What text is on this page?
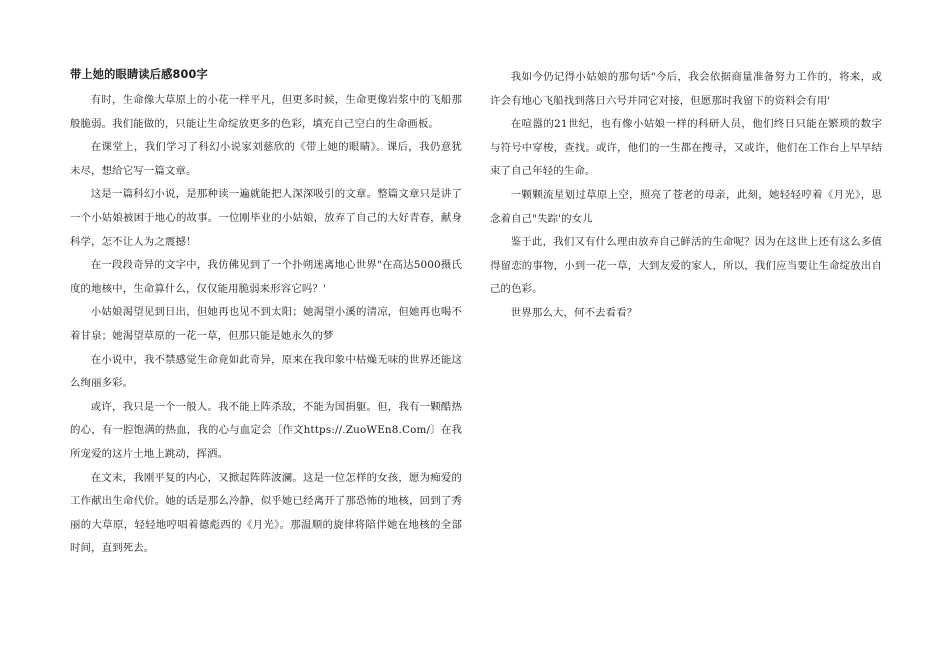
带上她的眼睛读后感800字

有时，生命像大草原上的小花一样平凡，但更多时候，生命更像岩浆中的飞船那般脆弱。我们能做的，只能让生命绽放更多的色彩，填充自己空白的生命画板。

在课堂上，我们学习了科幻小说家刘慈欣的《带上她的眼睛》。课后，我仍意犹未尽，想给它写一篇文章。

这是一篇科幻小说，是那种读一遍就能把人深深吸引的文章。整篇文章只是讲了一个小姑娘被困于地心的故事。一位刚毕业的小姑娘，放弃了自己的大好青春，献身科学，怎不让人为之震撼！

在一段段奇异的文字中，我仿佛见到了一个扑朔迷离地心世界"在高达5000摄氏度的地核中，生命算什么，仅仅能用脆弱来形容它吗？'

小姑娘渴望见到日出，但她再也见不到太阳；她渴望小溪的清凉，但她再也喝不着甘泉；她渴望草原的一花一草，但那只能是她永久的梦

在小说中，我不禁感觉生命竟如此奇异，原来在我印象中枯燥无味的世界还能这么绚丽多彩。

或许，我只是一个一般人。我不能上阵杀敌，不能为国捐躯。但，我有一颗酷热的心，有一腔饱满的热血，我的心与血定会〔作文https://.ZuoWEn8.Com/〕在我所宠爱的这片土地上跳动，挥洒。

在文末，我刚平复的内心，又掀起阵阵波澜。这是一位怎样的女孩，愿为痴爱的工作献出生命代价。她的话是那么冷静，似乎她已经离开了那恐怖的地核，回到了秀丽的大草原，轻轻地哼唱着德彪西的《月光》。那温顺的旋律将陪伴她在地核的全部时间，直到死去。

我如今仍记得小姑娘的那句话"今后，我会依据商量准备努力工作的，将来，或许会有地心飞船找到落日六号并同它对接，但愿那时我留下的资料会有用'

在喧嚣的21世纪，也有像小姑娘一样的科研人员，他们终日只能在繁琐的数字与符号中穿梭，查找。或许，他们的一生都在搜寻，又或许，他们在工作台上早早结束了自己年轻的生命。

一颗颗流星划过草原上空，照亮了苍老的母亲，此刻，她轻轻哼着《月光》，思念着自己"失踪'的女儿

鉴于此，我们又有什么理由放弃自己鲜活的生命呢？因为在这世上还有这么多值得留恋的事物，小到一花一草，大到友爱的家人，所以，我们应当要让生命绽放出自己的色彩。

世界那么大，何不去看看？
